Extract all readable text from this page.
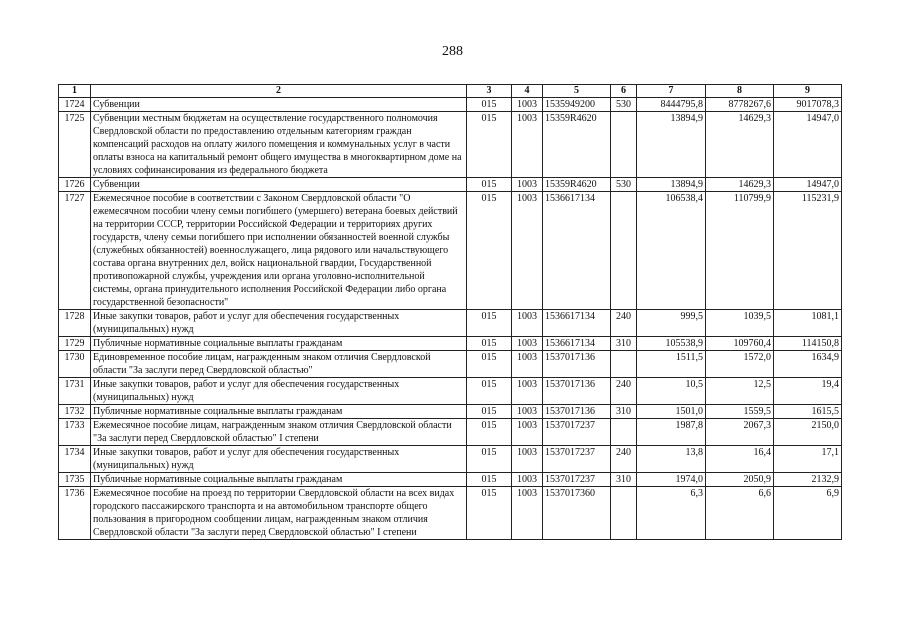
288
1	2	3	4	5	6	7	8	9
1724	Субвенции	015	1003	1535949200	530	8444795,8	8778267,6	9017078,3
1725	Субвенции местным бюджетам на осуществление государственного полномочия Свердловской области по предоставлению отдельным категориям граждан компенсаций расходов на оплату жилого помещения и коммунальных услуг в части оплаты взноса на капитальный ремонт общего имущества в многоквартирном доме на условиях софинансирования из федерального бюджета	015	1003	15359R4620		13894,9	14629,3	14947,0
1726	Субвенции	015	1003	15359R4620	530	13894,9	14629,3	14947,0
1727	Ежемесячное пособие в соответствии с Законом Свердловской области "О ежемесячном пособии члену семьи погибшего (умершего) ветерана боевых действий на территории СССР, территории Российской Федерации и территориях других государств, члену семьи погибшего при исполнении обязанностей военной службы (служебных обязанностей) военнослужащего, лица рядового или начальствующего состава органа внутренних дел, войск национальной гвардии, Государственной противопожарной службы, учреждения или органа уголовно-исполнительной системы, органа принудительного исполнения Российской Федерации либо органа государственной безопасности"	015	1003	1536617134		106538,4	110799,9	115231,9
1728	Иные закупки товаров, работ и услуг для обеспечения государственных (муниципальных) нужд	015	1003	1536617134	240	999,5	1039,5	1081,1
1729	Публичные нормативные социальные выплаты гражданам	015	1003	1536617134	310	105538,9	109760,4	114150,8
1730	Единовременное пособие лицам, награжденным знаком отличия Свердловской области "За заслуги перед Свердловской областью"	015	1003	1537017136		1511,5	1572,0	1634,9
1731	Иные закупки товаров, работ и услуг для обеспечения государственных (муниципальных) нужд	015	1003	1537017136	240	10,5	12,5	19,4
1732	Публичные нормативные социальные выплаты гражданам	015	1003	1537017136	310	1501,0	1559,5	1615,5
1733	Ежемесячное пособие лицам, награжденным знаком отличия Свердловской области "За заслуги перед Свердловской областью" I степени	015	1003	1537017237		1987,8	2067,3	2150,0
1734	Иные закупки товаров, работ и услуг для обеспечения государственных (муниципальных) нужд	015	1003	1537017237	240	13,8	16,4	17,1
1735	Публичные нормативные социальные выплаты гражданам	015	1003	1537017237	310	1974,0	2050,9	2132,9
1736	Ежемесячное пособие на проезд по территории Свердловской области на всех видах городского пассажирского транспорта и на автомобильном транспорте общего пользования в пригородном сообщении лицам, награжденным знаком отличия Свердловской области "За заслуги перед Свердловской областью" I степени	015	1003	1537017360		6,3	6,6	6,9
